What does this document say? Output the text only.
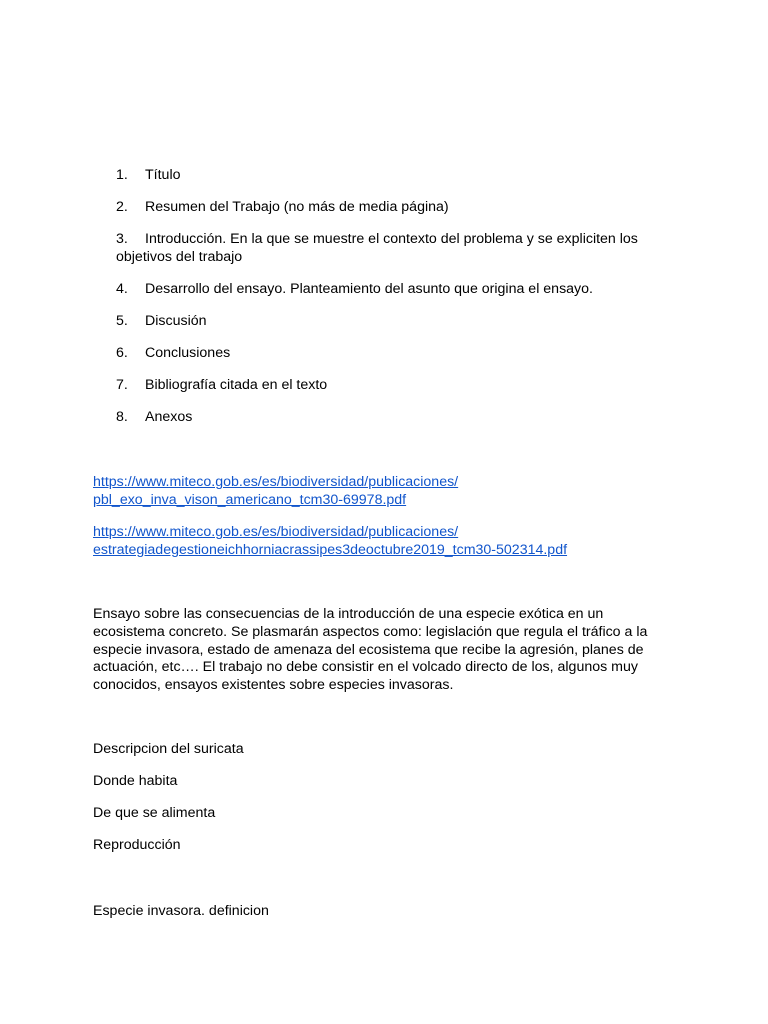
1. Título
2. Resumen del Trabajo (no más de media página)
3. Introducción. En la que se muestre el contexto del problema y se expliciten los objetivos del trabajo
4. Desarrollo del ensayo. Planteamiento del asunto que origina el ensayo.
5. Discusión
6. Conclusiones
7. Bibliografía citada en el texto
8. Anexos
https://www.miteco.gob.es/es/biodiversidad/publicaciones/
pbl_exo_inva_vison_americano_tcm30-69978.pdf
https://www.miteco.gob.es/es/biodiversidad/publicaciones/
estrategiadegestioneichhorniacrassipes3deoctubre2019_tcm30-502314.pdf
Ensayo sobre las consecuencias de la introducción de una especie exótica en un
ecosistema concreto. Se plasmarán aspectos como: legislación que regula el tráfico a la
especie invasora, estado de amenaza del ecosistema que recibe la agresión, planes de
actuación, etc…. El trabajo no debe consistir en el volcado directo de los, algunos muy
conocidos, ensayos existentes sobre especies invasoras.
Descripcion del suricata
Donde habita
De que se alimenta
Reproducción
Especie invasora. definicion
